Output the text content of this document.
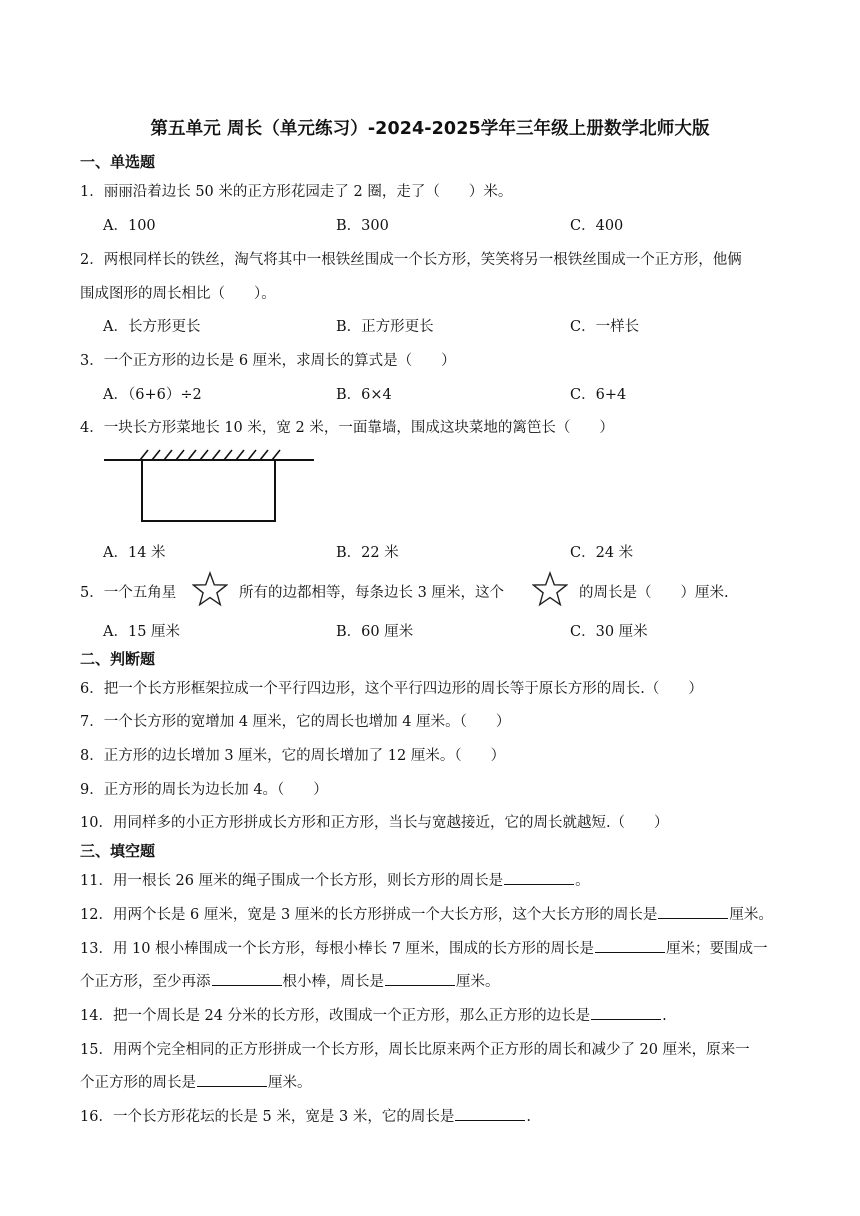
第五单元 周长（单元练习）-2024-2025学年三年级上册数学北师大版
一、单选题
1．丽丽沿着边长 50 米的正方形花园走了 2 圈，走了（　　）米。
A．100	B．300	C．400
2．两根同样长的铁丝，淘气将其中一根铁丝围成一个长方形，笑笑将另一根铁丝围成一个正方形，他俩
围成图形的周长相比（　　）。
A．长方形更长	B．正方形更长	C．一样长
3．一个正方形的边长是 6 厘米，求周长的算式是（　　）
A．（6+6）÷2	B．6×4	C．6+4
4．一块长方形菜地长 10 米，宽 2 米，一面靠墙，围成这块菜地的篱笆长（　　）
A．14 米	B．22 米	C．24 米
5．一个五角星	所有的边都相等，每条边长 3 厘米，这个	的周长是（　　）厘米.
A．15 厘米	B．60 厘米	C．30 厘米
二、判断题
6．把一个长方形框架拉成一个平行四边形，这个平行四边形的周长等于原长方形的周长.（　　）
7．一个长方形的宽增加 4 厘米，它的周长也增加 4 厘米。（　　）
8．正方形的边长增加 3 厘米，它的周长增加了 12 厘米。（　　）
9．正方形的周长为边长加 4。（　　）
10．用同样多的小正方形拼成长方形和正方形，当长与宽越接近，它的周长就越短.（　　）
三、填空题
11．用一根长 26 厘米的绳子围成一个长方形，则长方形的周长是	。
12．用两个长是 6 厘米，宽是 3 厘米的长方形拼成一个大长方形，这个大长方形的周长是	厘米。
13．用 10 根小棒围成一个长方形，每根小棒长 7 厘米，围成的长方形的周长是	厘米；要围成一
个正方形，至少再添	根小棒，周长是	厘米。
14．把一个周长是 24 分米的长方形，改围成一个正方形，那么正方形的边长是	.
15．用两个完全相同的正方形拼成一个长方形，周长比原来两个正方形的周长和减少了 20 厘米，原来一
个正方形的周长是	厘米。
16．一个长方形花坛的长是 5 米，宽是 3 米，它的周长是	.
